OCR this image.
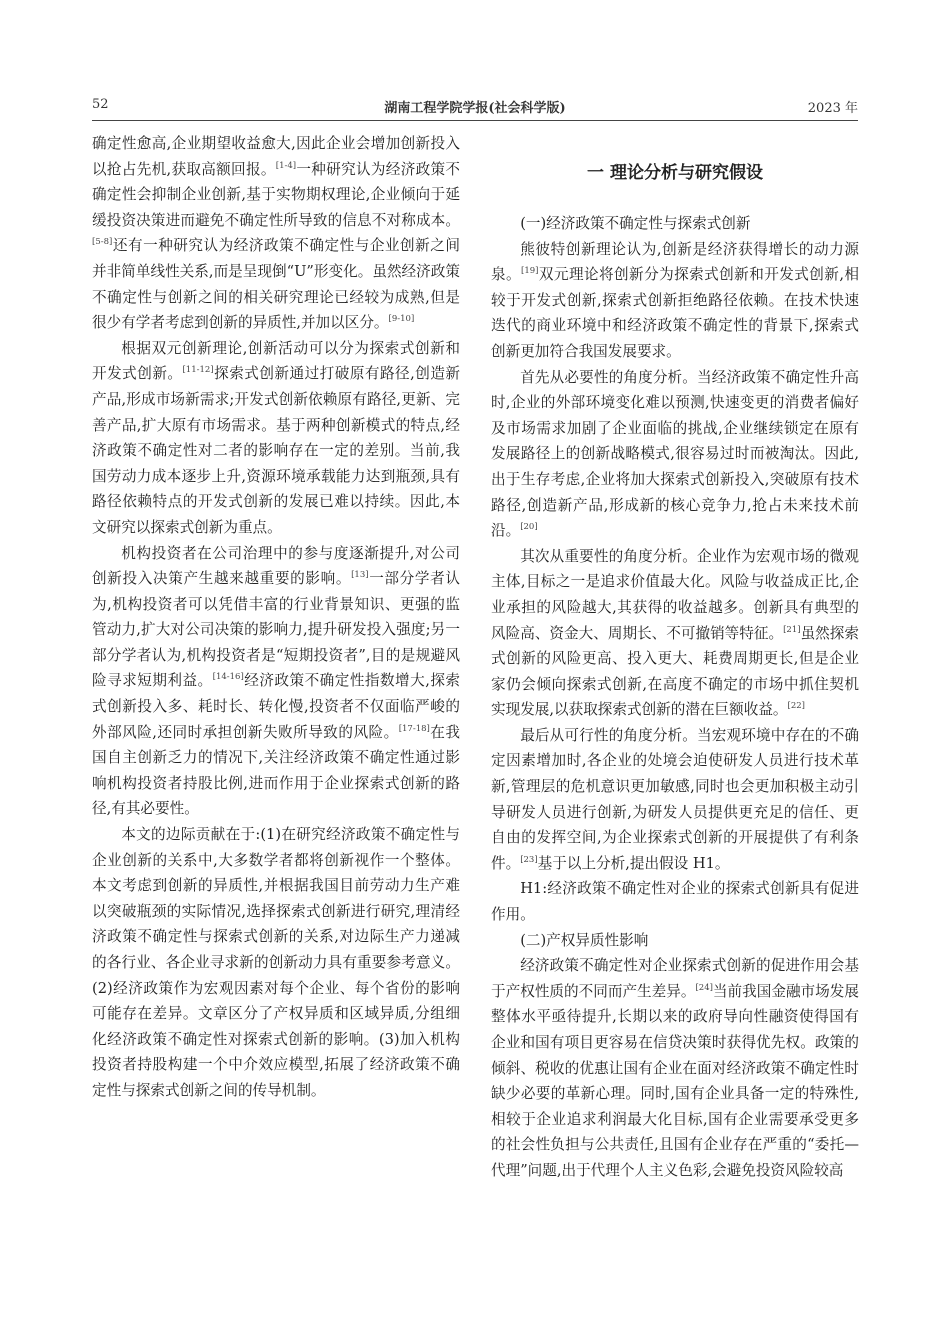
52	湖南工程学院学报(社会科学版)	2023 年

确定性愈高,企业期望收益愈大,因此企业会增加创新投入以抢占先机,获取高额回报。[1-4]一种研究认为经济政策不确定性会抑制企业创新,基于实物期权理论,企业倾向于延缓投资决策进而避免不确定性所导致的信息不对称成本。[5-8]还有一种研究认为经济政策不确定性与企业创新之间并非简单线性关系,而是呈现倒“U”形变化。虽然经济政策不确定性与创新之间的相关研究理论已经较为成熟,但是很少有学者考虑到创新的异质性,并加以区分。[9-10]

根据双元创新理论,创新活动可以分为探索式创新和开发式创新。[11-12]探索式创新通过打破原有路径,创造新产品,形成市场新需求;开发式创新依赖原有路径,更新、完善产品,扩大原有市场需求。基于两种创新模式的特点,经济政策不确定性对二者的影响存在一定的差别。当前,我国劳动力成本逐步上升,资源环境承载能力达到瓶颈,具有路径依赖特点的开发式创新的发展已难以持续。因此,本文研究以探索式创新为重点。

机构投资者在公司治理中的参与度逐渐提升,对公司创新投入决策产生越来越重要的影响。[13]一部分学者认为,机构投资者可以凭借丰富的行业背景知识、更强的监管动力,扩大对公司决策的影响力,提升研发投入强度;另一部分学者认为,机构投资者是“短期投资者”,目的是规避风险寻求短期利益。[14-16]经济政策不确定性指数增大,探索式创新投入多、耗时长、转化慢,投资者不仅面临严峻的外部风险,还同时承担创新失败所导致的风险。[17-18]在我国自主创新乏力的情况下,关注经济政策不确定性通过影响机构投资者持股比例,进而作用于企业探索式创新的路径,有其必要性。

本文的边际贡献在于:(1)在研究经济政策不确定性与企业创新的关系中,大多数学者都将创新视作一个整体。本文考虑到创新的异质性,并根据我国目前劳动力生产难以突破瓶颈的实际情况,选择探索式创新进行研究,理清经济政策不确定性与探索式创新的关系,对边际生产力递减的各行业、各企业寻求新的创新动力具有重要参考意义。(2)经济政策作为宏观因素对每个企业、每个省份的影响可能存在差异。文章区分了产权异质和区域异质,分组细化经济政策不确定性对探索式创新的影响。(3)加入机构投资者持股构建一个中介效应模型,拓展了经济政策不确定性与探索式创新之间的传导机制。

一 理论分析与研究假设

(一)经济政策不确定性与探索式创新

熊彼特创新理论认为,创新是经济获得增长的动力源泉。[19]双元理论将创新分为探索式创新和开发式创新,相较于开发式创新,探索式创新拒绝路径依赖。在技术快速迭代的商业环境中和经济政策不确定性的背景下,探索式创新更加符合我国发展要求。

首先从必要性的角度分析。当经济政策不确定性升高时,企业的外部环境变化难以预测,快速变更的消费者偏好及市场需求加剧了企业面临的挑战,企业继续锁定在原有发展路径上的创新战略模式,很容易过时而被淘汰。因此,出于生存考虑,企业将加大探索式创新投入,突破原有技术路径,创造新产品,形成新的核心竞争力,抢占未来技术前沿。[20]

其次从重要性的角度分析。企业作为宏观市场的微观主体,目标之一是追求价值最大化。风险与收益成正比,企业承担的风险越大,其获得的收益越多。创新具有典型的风险高、资金大、周期长、不可撤销等特征。[21]虽然探索式创新的风险更高、投入更大、耗费周期更长,但是企业家仍会倾向探索式创新,在高度不确定的市场中抓住契机实现发展,以获取探索式创新的潜在巨额收益。[22]

最后从可行性的角度分析。当宏观环境中存在的不确定因素增加时,各企业的处境会迫使研发人员进行技术革新,管理层的危机意识更加敏感,同时也会更加积极主动引导研发人员进行创新,为研发人员提供更充足的信任、更自由的发挥空间,为企业探索式创新的开展提供了有利条件。[23]基于以上分析,提出假设 H1。

H1:经济政策不确定性对企业的探索式创新具有促进作用。

(二)产权异质性影响

经济政策不确定性对企业探索式创新的促进作用会基于产权性质的不同而产生差异。[24]当前我国金融市场发展整体水平亟待提升,长期以来的政府导向性融资使得国有企业和国有项目更容易在信贷决策时获得优先权。政策的倾斜、税收的优惠让国有企业在面对经济政策不确定性时缺少必要的革新心理。同时,国有企业具备一定的特殊性,相较于企业追求利润最大化目标,国有企业需要承受更多的社会性负担与公共责任,且国有企业存在严重的“委托—代理”问题,出于代理个人主义色彩,会避免投资风险较高
